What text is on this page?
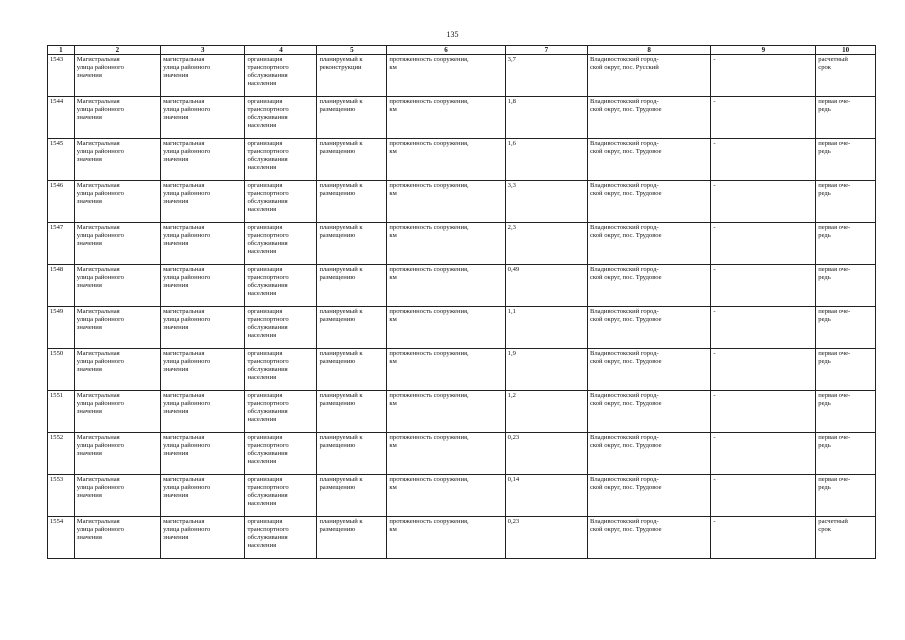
135
1	2	3	4	5	6	7	8	9	10

1543	Магистральная
улица районного
значения	магистральная
улица районного
значения	организация
транспортного
обслуживания
населения	планируемый к
реконструкции	протяженность сооружения,
км	3,7	Владивостокский город-
ской округ, пос. Русский	-	расчетный
срок

1544	Магистральная
улица районного
значения	магистральная
улица районного
значения	организация
транспортного
обслуживания
населения	планируемый к
размещению	протяженность сооружения,
км	1,8	Владивостокский город-
ской округ, пос. Трудовое	-	первая оче-
редь

1545	Магистральная
улица районного
значения	магистральная
улица районного
значения	организация
транспортного
обслуживания
населения	планируемый к
размещению	протяженность сооружения,
км	1,6	Владивостокский город-
ской округ, пос. Трудовое	-	первая оче-
редь

1546	Магистральная
улица районного
значения	магистральная
улица районного
значения	организация
транспортного
обслуживания
населения	планируемый к
размещению	протяженность сооружения,
км	3,3	Владивостокский город-
ской округ, пос. Трудовое	-	первая оче-
редь

1547	Магистральная
улица районного
значения	магистральная
улица районного
значения	организация
транспортного
обслуживания
населения	планируемый к
размещению	протяженность сооружения,
км	2,3	Владивостокский город-
ской округ, пос. Трудовое	-	первая оче-
редь

1548	Магистральная
улица районного
значения	магистральная
улица районного
значения	организация
транспортного
обслуживания
населения	планируемый к
размещению	протяженность сооружения,
км	0,49	Владивостокский город-
ской округ, пос. Трудовое	-	первая оче-
редь

1549	Магистральная
улица районного
значения	магистральная
улица районного
значения	организация
транспортного
обслуживания
населения	планируемый к
размещению	протяженность сооружения,
км	1,1	Владивостокский город-
ской округ, пос. Трудовое	-	первая оче-
редь

1550	Магистральная
улица районного
значения	магистральная
улица районного
значения	организация
транспортного
обслуживания
населения	планируемый к
размещению	протяженность сооружения,
км	1,9	Владивостокский город-
ской округ, пос. Трудовое	-	первая оче-
редь

1551	Магистральная
улица районного
значения	магистральная
улица районного
значения	организация
транспортного
обслуживания
населения	планируемый к
размещению	протяженность сооружения,
км	1,2	Владивостокский город-
ской округ, пос. Трудовое	-	первая оче-
редь

1552	Магистральная
улица районного
значения	магистральная
улица районного
значения	организация
транспортного
обслуживания
населения	планируемый к
размещению	протяженность сооружения,
км	0,23	Владивостокский город-
ской округ, пос. Трудовое	-	первая оче-
редь

1553	Магистральная
улица районного
значения	магистральная
улица районного
значения	организация
транспортного
обслуживания
населения	планируемый к
размещению	протяженность сооружения,
км	0,14	Владивостокский город-
ской округ, пос. Трудовое	-	первая оче-
редь

1554	Магистральная
улица районного
значения	магистральная
улица районного
значения	организация
транспортного
обслуживания
населения	планируемый к
размещению	протяженность сооружения,
км	0,23	Владивостокский город-
ской округ, пос. Трудовое	-	расчетный
срок
